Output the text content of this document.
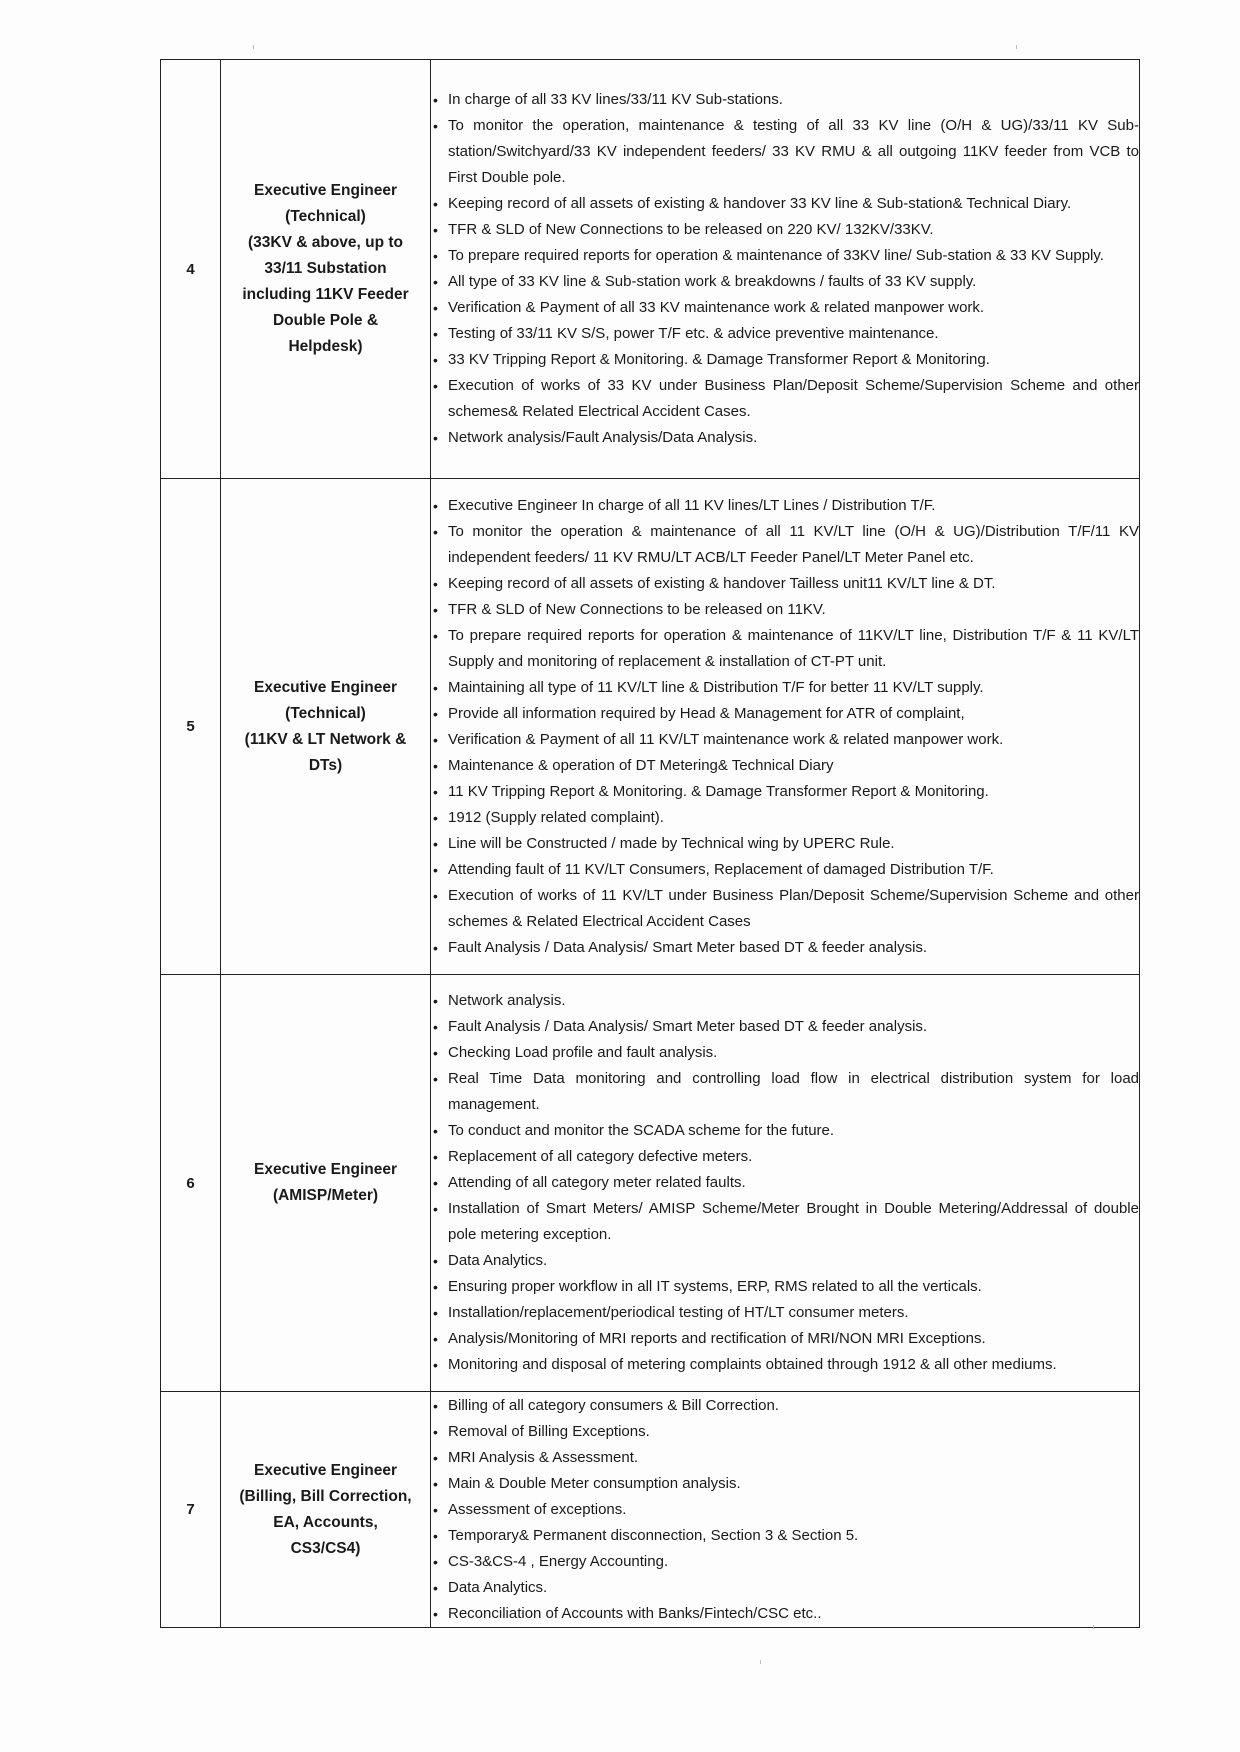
4	
Executive Engineer
(Technical)
(33KV & above, up to
33/11 Substation
including 11KV Feeder
Double Pole &
Helpdesk)

• In charge of all 33 KV lines/33/11 KV Sub-stations.
• To monitor the operation, maintenance & testing of all 33 KV line (O/H & UG)/33/11 KV Sub-station/Switchyard/33 KV independent feeders/ 33 KV RMU & all outgoing 11KV feeder from VCB to First Double pole.
• Keeping record of all assets of existing & handover 33 KV line & Sub-station& Technical Diary.
• TFR & SLD of New Connections to be released on 220 KV/ 132KV/33KV.
• To prepare required reports for operation & maintenance of 33KV line/ Sub-station & 33 KV Supply.
• All type of 33 KV line & Sub-station work & breakdowns / faults of 33 KV supply.
• Verification & Payment of all 33 KV maintenance work & related manpower work.
• Testing of 33/11 KV S/S, power T/F etc. & advice preventive maintenance.
• 33 KV Tripping Report & Monitoring. & Damage Transformer Report & Monitoring.
• Execution of works of 33 KV under Business Plan/Deposit Scheme/Supervision Scheme and other schemes& Related Electrical Accident Cases.
• Network analysis/Fault Analysis/Data Analysis.

5	
Executive Engineer
(Technical)
(11KV & LT Network &
DTs)

• Executive Engineer In charge of all 11 KV lines/LT Lines / Distribution T/F.
• To monitor the operation & maintenance of all 11 KV/LT line (O/H & UG)/Distribution T/F/11 KV independent feeders/ 11 KV RMU/LT ACB/LT Feeder Panel/LT Meter Panel etc.
• Keeping record of all assets of existing & handover Tailless unit11 KV/LT line & DT.
• TFR & SLD of New Connections to be released on 11KV.
• To prepare required reports for operation & maintenance of 11KV/LT line, Distribution T/F & 11 KV/LT Supply and monitoring of replacement & installation of CT-PT unit.
• Maintaining all type of 11 KV/LT line & Distribution T/F for better 11 KV/LT supply.
• Provide all information required by Head & Management for ATR of complaint,
• Verification & Payment of all 11 KV/LT maintenance work & related manpower work.
• Maintenance & operation of DT Metering& Technical Diary
• 11 KV Tripping Report & Monitoring. & Damage Transformer Report & Monitoring.
• 1912 (Supply related complaint).
• Line will be Constructed / made by Technical wing by UPERC Rule.
• Attending fault of 11 KV/LT Consumers, Replacement of damaged Distribution T/F.
• Execution of works of 11 KV/LT under Business Plan/Deposit Scheme/Supervision Scheme and other schemes & Related Electrical Accident Cases
• Fault Analysis / Data Analysis/ Smart Meter based DT & feeder analysis.

6	
Executive Engineer
(AMISP/Meter)

• Network analysis.
• Fault Analysis / Data Analysis/ Smart Meter based DT & feeder analysis.
• Checking Load profile and fault analysis.
• Real Time Data monitoring and controlling load flow in electrical distribution system for load management.
• To conduct and monitor the SCADA scheme for the future.
• Replacement of all category defective meters.
• Attending of all category meter related faults.
• Installation of Smart Meters/ AMISP Scheme/Meter Brought in Double Metering/Addressal of double pole metering exception.
• Data Analytics.
• Ensuring proper workflow in all IT systems, ERP, RMS related to all the verticals.
• Installation/replacement/periodical testing of HT/LT consumer meters.
• Analysis/Monitoring of MRI reports and rectification of MRI/NON MRI Exceptions.
• Monitoring and disposal of metering complaints obtained through 1912 & all other mediums.

7	
Executive Engineer
(Billing, Bill Correction,
EA, Accounts,
CS3/CS4)

• Billing of all category consumers & Bill Correction.
• Removal of Billing Exceptions.
• MRI Analysis & Assessment.
• Main & Double Meter consumption analysis.
• Assessment of exceptions.
• Temporary& Permanent disconnection, Section 3 & Section 5.
• CS-3&CS-4 , Energy Accounting.
• Data Analytics.
• Reconciliation of Accounts with Banks/Fintech/CSC etc..
